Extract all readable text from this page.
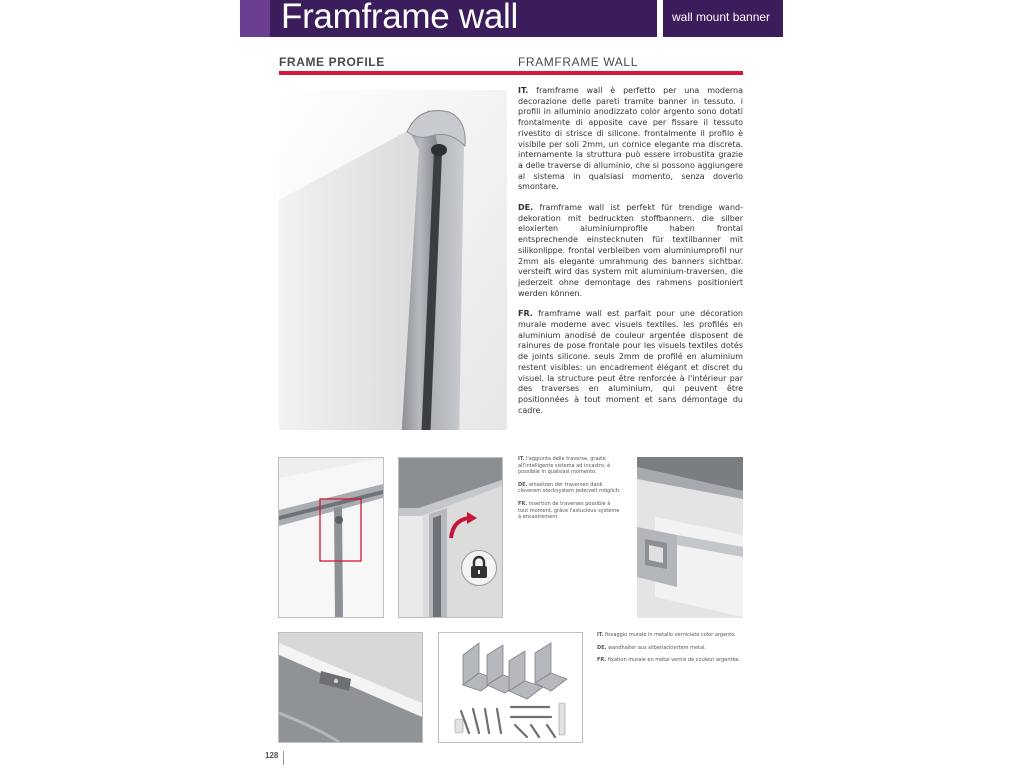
Framframe wall	wall mount banner
FRAME PROFILE	FRAMFRAME WALL

IT. framframe wall è perfetto per una moderna decorazione delle pareti tramite banner in tessuto. i profili in alluminio anodizzato color argento sono dotati frontalmente di apposite cave per fissare il tessuto rivestito di strisce di silicone. frontalmente il profilo è visibile per soli 2mm, un cornice elegante ma discreta. internamente la struttura può essere irrobustita grazie a delle traverse di alluminio, che si possono aggiungere al sistema in qualsiasi momento, senza doverlo smontare.

DE. framframe wall ist perfekt für trendige wand-dekoration mit bedruckten stoffbannern. die silber eloxierten aluminiumprofile haben frontal entsprechende einstecknuten für textilbanner mit silikonlippe. frontal verbleiben vom aluminiumprofil nur 2mm als elegante umrahmung des banners sichtbar. versteift wird das system mit aluminium-traversen, die jederzeit ohne demontage des rahmens positioniert werden können.

FR. framframe wall est parfait pour une décoration murale moderne avec visuels textiles. les profilés en aluminium anodisé de couleur argentée disposent de rainures de pose frontale pour les visuels textiles dotés de joints silicone. seuls 2mm de profilé en aluminium restent visibles: un encadrement élégant et discret du visuel. la structure peut être renforcée à l'intérieur par des traverses en aluminium, qui peuvent être positionnées à tout moment et sans démontage du cadre.

IT. l'aggiunta delle traverse, grazie all'intelligente sistema ad incastro, è possibile in qualsiasi momento.

DE. einsetzen der traversen dank cleverem stecksystem jederzeit möglich.

FR. insertion de traverses possible à tout moment, grâce l'astucieux système à encastrement.

IT. fissaggio murale in metallo verniciato color argento.

DE. wandhalter aus silberlackiertem metal.

FR. fixation murale en métal vernis de couleur argentée.

128
